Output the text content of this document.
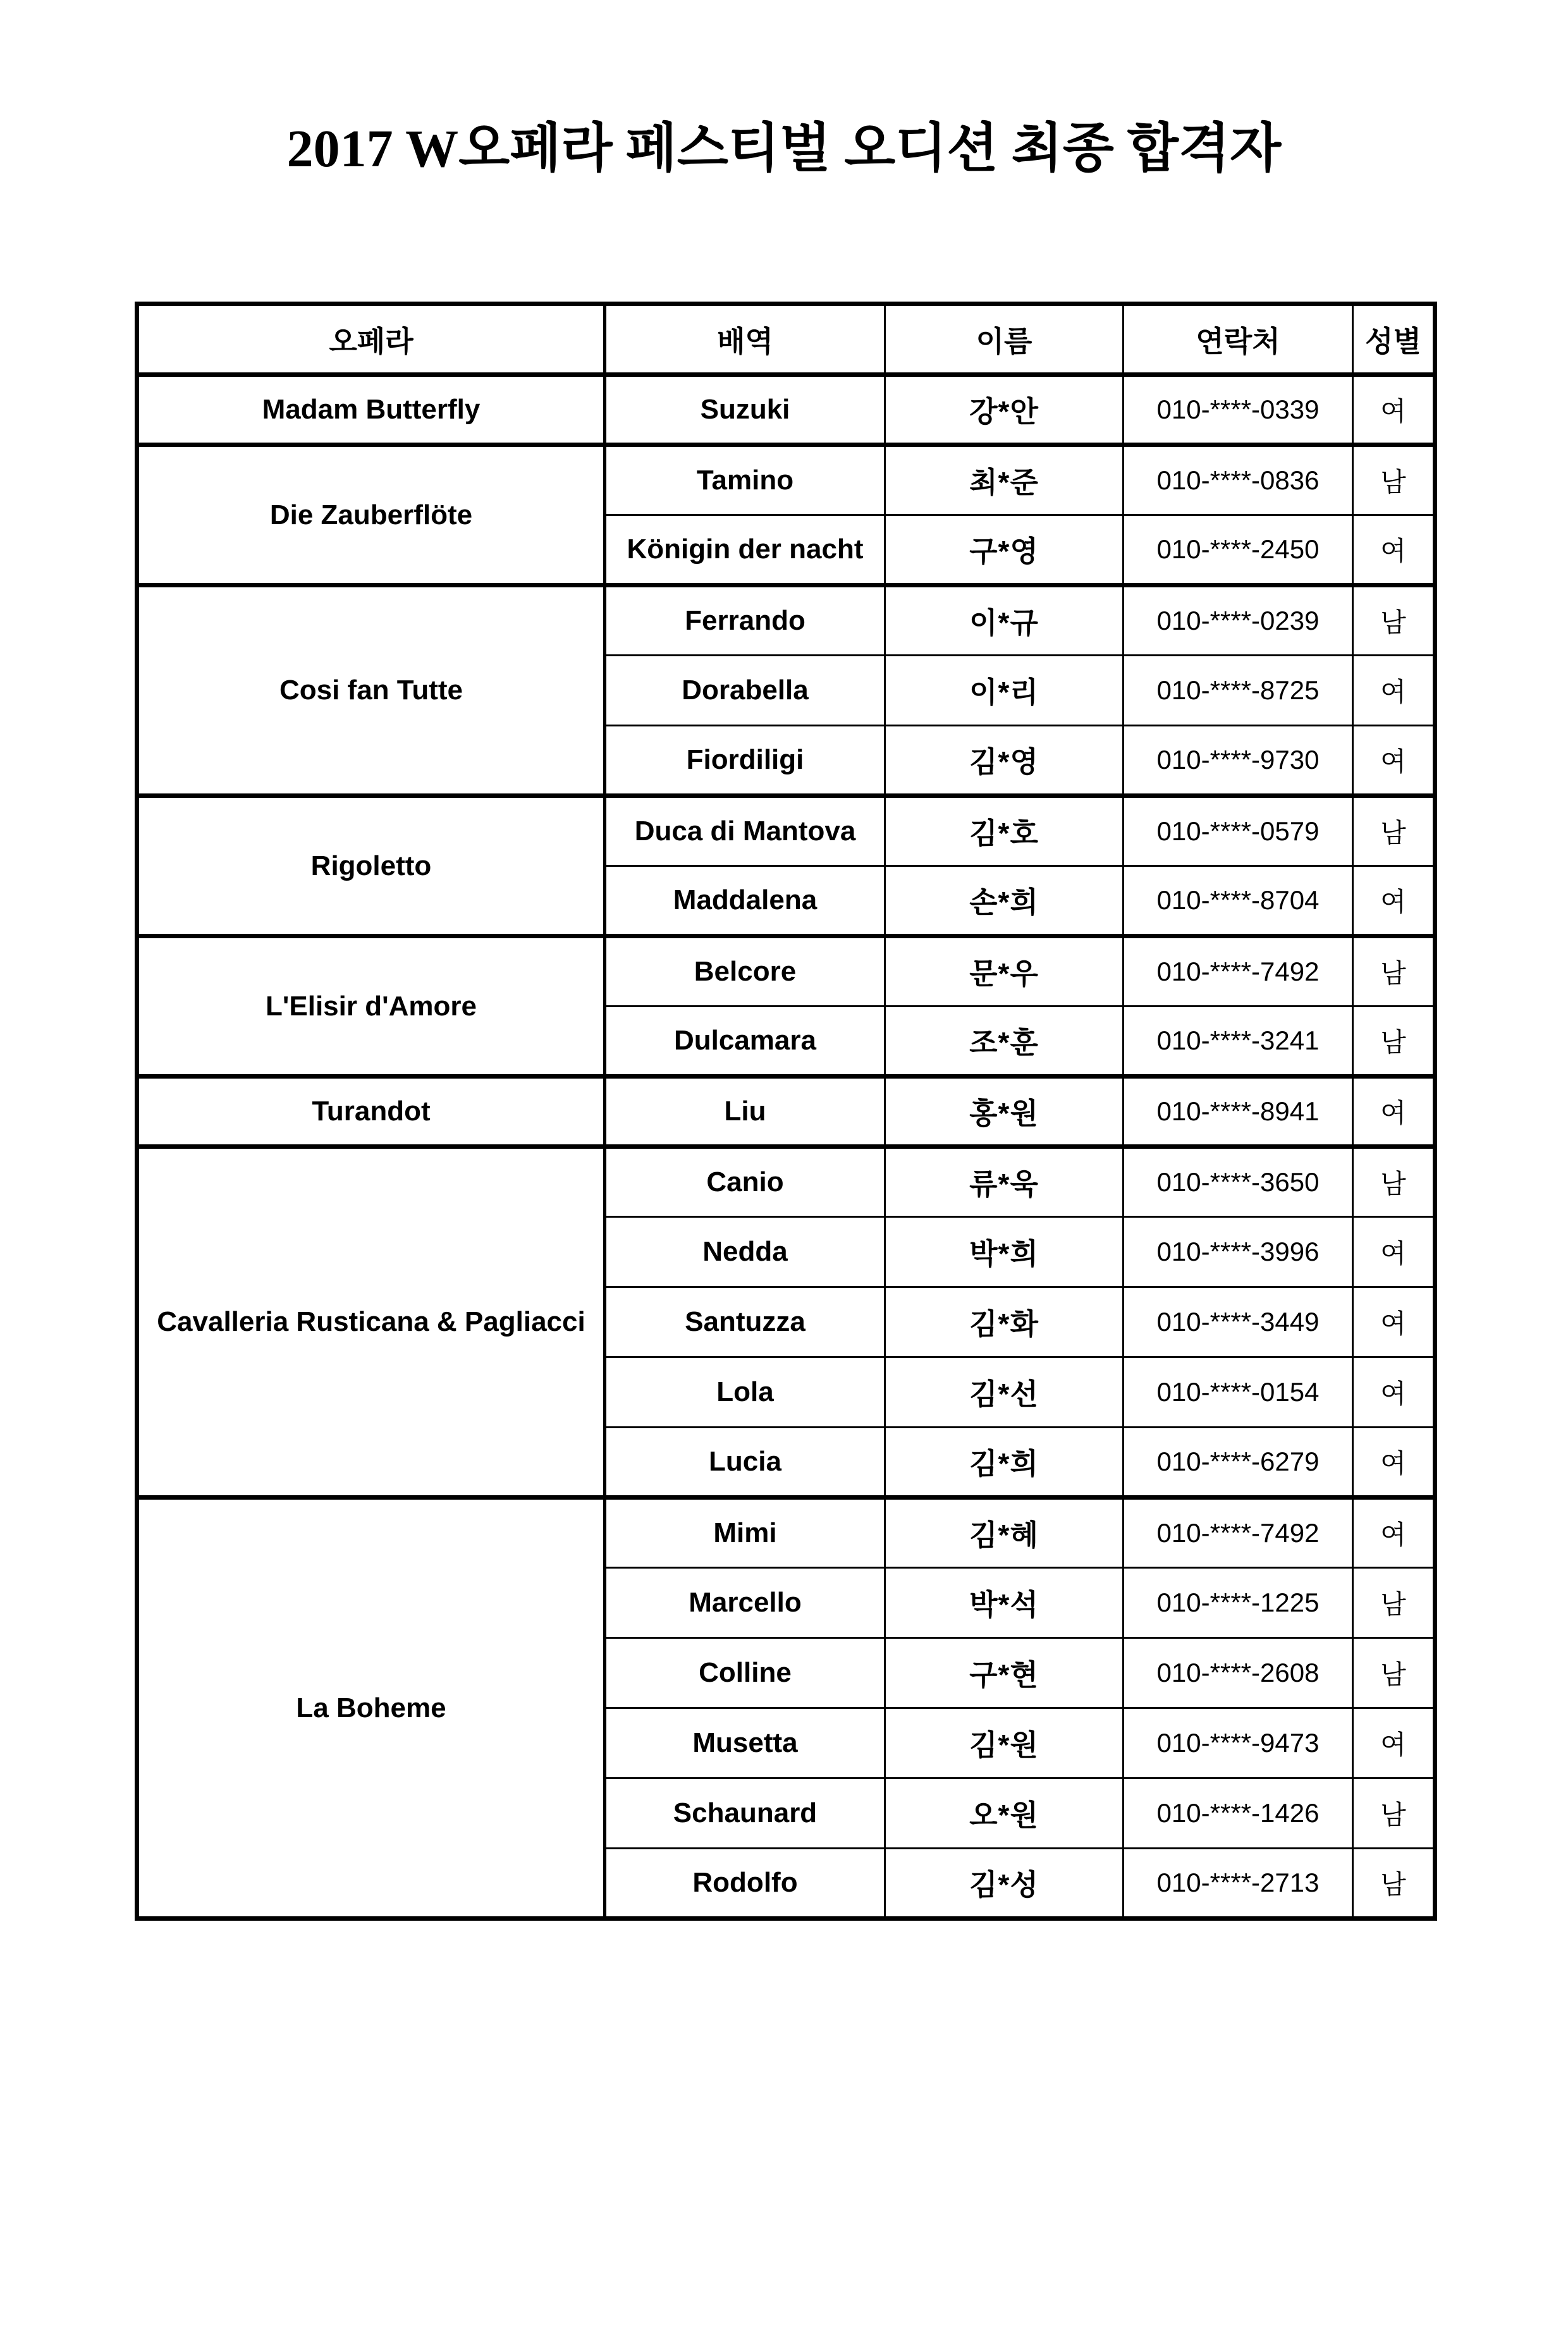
2017 W오페라 페스티벌 오디션 최종 합격자
오페라	배역	이름	연락처	성별
Madam Butterfly	Suzuki	강*안	010-****-0339	여
Die Zauberflöte	Tamino	최*준	010-****-0836	남
	Königin der nacht	구*영	010-****-2450	여
Cosi fan Tutte	Ferrando	이*규	010-****-0239	남
	Dorabella	이*리	010-****-8725	여
	Fiordiligi	김*영	010-****-9730	여
Rigoletto	Duca di Mantova	김*호	010-****-0579	남
	Maddalena	손*희	010-****-8704	여
L'Elisir d'Amore	Belcore	문*우	010-****-7492	남
	Dulcamara	조*훈	010-****-3241	남
Turandot	Liu	홍*원	010-****-8941	여
Cavalleria Rusticana & Pagliacci	Canio	류*욱	010-****-3650	남
	Nedda	박*희	010-****-3996	여
	Santuzza	김*화	010-****-3449	여
	Lola	김*선	010-****-0154	여
	Lucia	김*희	010-****-6279	여
La Boheme	Mimi	김*혜	010-****-7492	여
	Marcello	박*석	010-****-1225	남
	Colline	구*현	010-****-2608	남
	Musetta	김*원	010-****-9473	여
	Schaunard	오*원	010-****-1426	남
	Rodolfo	김*성	010-****-2713	남
